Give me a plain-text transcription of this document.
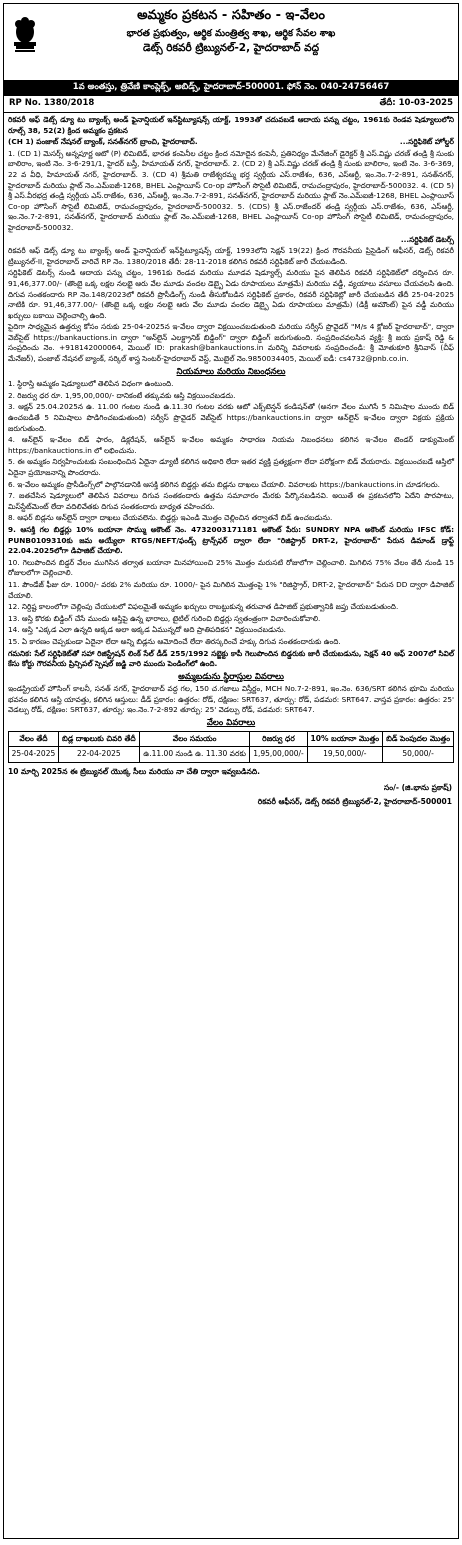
అమ్మకం ప్రకటన - సహితం - ఇ-వేలం
భారత ప్రభుత్వం, ఆర్థిక మంత్రిత్వ శాఖ, ఆర్థిక సేవల శాఖ
డెట్స్ రికవరీ ట్రిబ్యునల్-2, హైదరాబాద్ వద్ద
1వ అంతస్తు, త్రివేణి కాంప్లెక్స్, అబిడ్స్, హైదరాబాద్-500001. ఫోన్ నెం. 040-24756467
RP No. 1380/2018	తేదీ: 10-03-2025

రికవరీ ఆఫ్ డెట్స్ డ్యూ టు బ్యాంక్స్ అండ్ ఫైనాన్షియల్ ఇన్‌స్టిట్యూషన్స్ యాక్ట్, 1993తో చదువబడే ఆదాయ పన్ను చట్టం, 1961కు రెండవ షెడ్యూలులోని రూల్స్ 38, 52(2) క్రింద అమ్మకం ప్రకటన

(CH 1) పంజాబ్ నేషనల్ బ్యాంక్, సనత్‌నగర్ బ్రాంచి, హైదరాబాద్.	...సర్టిఫికెట్ హోల్డర్

1. (CD 1) మెసర్స్ అన్నపూర్ణ ఆటో (P) లిమిటెడ్, భారత కంపెనీల చట్టం క్రింద నమోదైన కంపెనీ, ప్రతినిధ్యం మేనేజింగ్ డైరెక్టర్ శ్రీ ఎస్.విష్ణు చరణ్ తండ్రి శ్రీ సుంకు బాలిరాం, ఇంటి నెం. 3-6-291/1, హైదర్ బస్తీ, హిమాయత్ నగర్, హైదరాబాద్. 2. (CD 2) శ్రీ ఎస్.విష్ణు చరణ్ తండ్రి శ్రీ సుంకు బాలిరాం, ఇంటి నెం. 3-6-369, 22 వ వీధి, హిమాయత్ నగర్, హైదరాబాద్. 3. (CD 4) శ్రీమతి రాజేశ్వరమ్మ భర్త స్వర్గీయ ఎస్.రాజేశం, 636, ఎస్ఆర్టీ, ఇం.నెం.7-2-891, సనత్‌నగర్, హైదరాబాద్ మరియు ప్లాట్ నెం.ఎమ్ఐజీ-1268, BHEL ఎంప్లాయీస్ Co-op హౌసింగ్ సొసైటీ లిమిటెడ్, రామచంద్రాపురం, హైదరాబాద్-500032. 4. (CD 5) శ్రీ ఎస్.వీరభద్ర తండ్రి స్వర్గీయ ఎస్.రాజేశం, 636, ఎస్ఆర్టీ, ఇం.నెం.7-2-891, సనత్‌నగర్, హైదరాబాద్ మరియు ప్లాట్ నెం.ఎమ్ఐజీ-1268, BHEL ఎంప్లాయీస్ Co-op హౌసింగ్ సొసైటీ లిమిటెడ్, రామచంద్రాపురం, హైదరాబాద్-500032. 5. (CDS) శ్రీ ఎస్.రాజేందర్ తండ్రి స్వర్గీయ ఎస్.రాజేశం, 636, ఎస్ఆర్టీ, ఇం.నెం.7-2-891, సనత్‌నగర్, హైదరాబాద్ మరియు ప్లాట్ నెం.ఎమ్ఐజీ-1268, BHEL ఎంప్లాయీస్ Co-op హౌసింగ్ సొసైటీ లిమిటెడ్, రామచంద్రాపురం, హైదరాబాద్-500032.

...సర్టిఫికెట్ డెటర్స్

రికవరీ ఆఫ్ డెట్స్ డ్యూ టు బ్యాంక్స్ అండ్ ఫైనాన్షియల్ ఇన్‌స్టిట్యూషన్స్ యాక్ట్, 1993లోని సెక్షన్ 19(22) క్రింద గౌరవనీయ ప్రిసైడింగ్ ఆఫీసర్, డెట్స్ రికవరీ ట్రిబ్యునల్-II, హైదరాబాద్ వారిచే RP నెం. 1380/2018 తేదీ: 28-11-2018 కలిగిన రికవరీ సర్టిఫికెట్ జారీ చేయబడింది.

సర్టిఫికెట్ డెటర్స్ నుండి ఆదాయ పన్ను చట్టం, 1961కు రెండవ మరియు మూడవ షెడ్యూల్స్ మరియు పైన తెలిపిన రికవరీ సర్టిఫికెట్‌లో దర్శించిన రూ. 91,46,377.00/- (తొంబై ఒక్క లక్షల నలభై ఆరు వేల మూడు వందల డెబ్బై ఏడు రూపాయలు మాత్రమే) మరియు వడ్డీ, వ్యయాలు వసూలు చేయవలసి ఉంది. దిగువ సంతకందారు RP నెం.148/2023లో రికవరీ ప్రొసీడింగ్స్ నుండి తీసుకోబడిన సర్టిఫికెట్ ప్రకారం, రికవరీ సర్టిఫికెట్లో జారీ చేయబడిన తేదీ 25-04-2025 నాటికి రూ. 91,46,377.00/- (తొంబై ఒక్క లక్షల నలభై ఆరు వేల మూడు వందల డెబ్బై ఏడు రూపాయలు మాత్రమే) (డిక్రీ అమౌంట్) పైన వడ్డీ మరియు ఖర్చులు బకాయి చెల్లించాల్సి ఉంది.

పైదిగా సాధ్యమైన ఉత్తర్వు కోసం సరుకు 25-04-2025న ఇ-వేలం ద్వారా విక్రయించబడుతుంది మరియు సర్వీస్ ప్రొవైడర్ "M/s 4 క్లోజర్ హైదరాబాద్", ద్వారా వెబ్‌సైట్ https://bankauctions.in ద్వారా "ఆన్‌లైన్ ఎలక్ట్రానిక్ బిడ్డింగ్" ద్వారా బిడ్డింగ్ జరుగుతుంది. సంప్రదించవలసిన వ్యక్తి: శ్రీ జయ ప్రకాష్ రెడ్డి & సంప్రదించు నెం. +918142000064, మెయిల్ ID: prakash@bankauctions.in మరిన్ని వివరాలకు సంప్రదించండి: శ్రీ మోతుకూరి శ్రీనివాస్ (చీఫ్ మేనేజర్), పంజాబ్ నేషనల్ బ్యాంక్, సర్కిల్ శాస్త్ర సెంటర్-హైదరాబాద్ వెస్ట్, మొబైల్ నెం.9850034405, మెయిల్ ఐడీ: cs4732@pnb.co.in.

నియమాలు మరియు నిబంధనలు

1. స్థిరాస్తి అమ్మకం షెడ్యూలులో తెలిపిన విధంగా ఉంటుంది.

2. రిజర్వు ధర రూ. 1,95,00,000/- దానికంటే తక్కువకు ఆస్తి విక్రయించబడదు.

3. ఆక్షన్ 25.04.2025న ఉ. 11.00 గంటల నుండి ఉ.11.30 గంటల వరకు ఆటో ఎక్స్‌టెన్షన్ కండిషన్‌తో (అనగా వేలం ముగిసే 5 నిమిషాల ముందు బిడ్ ఉంచబడితే 5 నిమిషాలు పొడిగించబడుతుంది) సర్వీస్ ప్రొవైడర్ వెబ్‌సైట్ https://bankauctions.in ద్వారా ఆన్‌లైన్ ఇ-వేలం ద్వారా విక్రయ ప్రక్రియ జరుగుతుంది.

4. ఆన్‌లైన్ ఇ-వేలం బిడ్ ఫారం, డిక్లరేషన్, ఆన్‌లైన్ ఇ-వేలం అమ్మకం సాధారణ నియమ నిబంధనలు కలిగిన ఇ-వేలం టెండర్ డాక్యుమెంట్ https://bankauctions.in లో లభించును.

5. ఈ అమ్మకం నిర్వహించుటకు సంబంధించిన ఏదైనా డ్యూటీ కలిగిన అధికారి లేదా ఇతర వ్యక్తి ప్రత్యక్షంగా లేదా పరోక్షంగా బిడ్ వేయరాదు. విక్రయించబడే ఆస్తిలో ఏదైనా ప్రయోజనాన్ని పొందరాదు.

6. ఇ-వేలం అమ్మకం ప్రొసీడింగ్స్‌లో పాల్గొనడానికి ఆసక్తి కలిగిన బిడ్డర్లు తమ బిడ్లను దాఖలు చేయాలి. వివరాలకు https://bankauctions.in చూడగలరు.

7. జతచేసిన షెడ్యూలులో తెలిపిన వివరాలు దిగువ సంతకందారు ఉత్తమ సమాచారం మేరకు పేర్కొనబడినవి. అయితే ఈ ప్రకటనలోని ఏదేని పొరపాటు, మిస్‌స్టేట్‌మెంట్ లేదా వదిలివేతకు దిగువ సంతకందారు బాధ్యత వహించరు.

8. ఆఫర్ బిడ్లను ఆన్‌లైన్ ద్వారా దాఖలు చేయవలెను. బిడ్డర్లు ఇఎండి మొత్తం చెల్లించిన తర్వాతనే బిడ్ ఉంచబడును.

9. ఆసక్తి గల బిడ్డర్లు 10% బయానా సొమ్ము అకౌంట్ నెం. 4732003171181 అకౌంట్ పేరు: SUNDRY NPA అకౌంట్ మరియు IFSC కోడ్: PUNB0109310కు జమ అయ్యేలా RTGS/NEFT/ఫండ్స్ ట్రాన్స్‌ఫర్ ద్వారా లేదా "రిజిస్ట్రార్ DRT-2, హైదరాబాద్" పేరున డిమాండ్ డ్రాఫ్ట్ 22.04.2025లోగా డిపాజిట్ చేయాలి.

10. గెలుపొందిన బిడ్డర్ వేలం ముగిసిన తర్వాత బయానా మినహాయించి 25% మొత్తం మరుసటి రోజులోగా చెల్లించాలి. మిగిలిన 75% వేలం తేదీ నుండి 15 రోజులలోగా చెల్లించాలి.

11. పౌండేజ్ ఫీజు రూ. 1000/- వరకు 2% మరియు రూ. 1000/- పైన మిగిలిన మొత్తంపై 1% "రిజిస్ట్రార్, DRT-2, హైదరాబాద్" పేరున DD ద్వారా డిపాజిట్ చేయాలి.

12. నిర్దిష్ట కాలంలోగా చెల్లింపు చేయుటలో విఫలమైతే అమ్మకం ఖర్చులు రాబట్టుకున్న తరువాత డిపాజిట్ ప్రభుత్వానికి జప్తు చేయబడుతుంది.

13. ఆస్తి కొరకు బిడ్డింగ్ చేసే ముందు ఆస్తిపై ఉన్న భారాలు, టైటిల్ గురించి బిడ్డర్లు స్వతంత్రంగా విచారించుకోవాలి.

14. ఆస్తి "ఎక్కడ ఎలా ఉన్నది అక్కడ అలా అక్కడ ఏమున్నదో అది ప్రాతిపదికన" విక్రయించబడును.

15. ఏ కారణం చెప్పకుండా ఏదైనా లేదా అన్ని బిడ్లను ఆమోదించే లేదా తిరస్కరించే హక్కు దిగువ సంతకందారుకు ఉంది.

గమనిక: సేల్ సర్టిఫికెట్‌తో సహా రిజిస్ట్రేషన్ లింక్ సేల్ డీడ్ 255/1992 సబ్జెక్టు కాపీ గెలుపొందిన బిడ్డరుకు జారీ చేయబడును, సెక్షన్ 40 ఆఫ్ 2007లో సివిల్ కేసు కోర్టు గౌరవనీయ ప్రిన్సిపల్ స్పెషల్ జడ్జి వారి ముందు పెండింగ్‌లో ఉంది.

అమ్మబడును స్థిరాస్తుల వివరాలు

ఇండస్ట్రియల్ హౌసింగ్ కాలనీ, సనత్ నగర్, హైదరాబాద్ వద్ద గల, 150 చ.గజాలు విస్తీర్ణం, MCH No.7-2-891, ఇం.నెం. 636/SRT కలిగిన భూమి మరియు భవనం కలిగిన ఆస్తి యావత్తు, కలిగిన ఆస్తులు: డీడ్ ప్రకారం: ఉత్తరం: రోడ్, దక్షిణం: SRT637, తూర్పు: రోడ్, పడమర: SRT647. వాస్తవ ప్రకారం: ఉత్తరం: 25' వెడల్పు రోడ్, దక్షిణం: SRT637, తూర్పు: ఇం.నెం.7-2-892 తూర్పు: 25' వెడల్పు రోడ్, పడమర: SRT647.

వేలం వివరాలు
వేలం తేదీ	బిడ్ల దాఖలుకు చివరి తేదీ	వేలం సమయం	రిజర్వు ధర	10% బయానా మొత్తం	బిడ్ పెంపుదల మొత్తం
25-04-2025	22-04-2025	ఉ.11.00 నుండి ఉ. 11.30 వరకు	1,95,00,000/-	19,50,000/-	50,000/-
10 మార్చి 2025న ఈ ట్రిబ్యునల్ యొక్క సీలు మరియు నా చేతి ద్వారా ఇవ్వబడినది.
సం/- (జి.భాను ప్రకాష్)
రికవరీ ఆఫీసర్, డెట్స్ రికవరీ ట్రిబ్యునల్-2, హైదరాబాద్-500001
